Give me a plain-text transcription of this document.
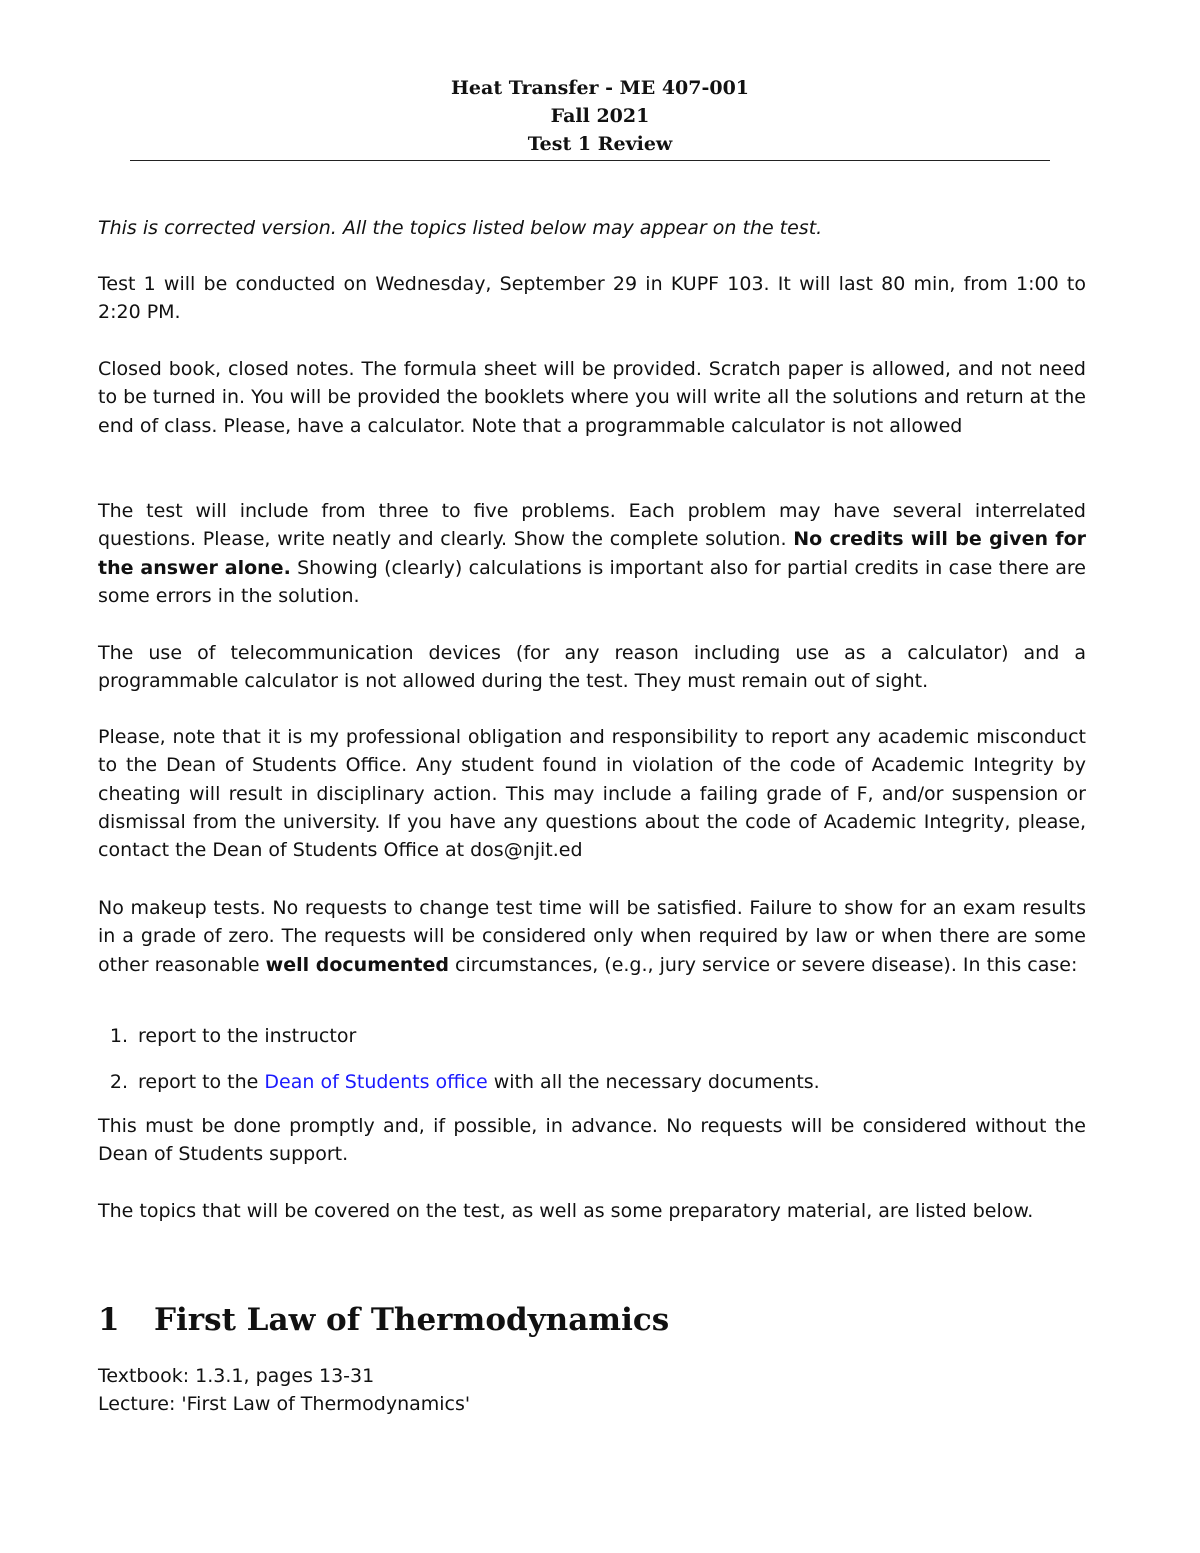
Heat Transfer - ME 407-001
Fall 2021
Test 1 Review

This is corrected version. All the topics listed below may appear on the test.

Test 1 will be conducted on Wednesday, September 29 in KUPF 103. It will last 80 min, from 1:00 to 2:20 PM.

Closed book, closed notes. The formula sheet will be provided. Scratch paper is allowed, and not need to be turned in. You will be provided the booklets where you will write all the solutions and return at the end of class. Please, have a calculator. Note that a programmable calculator is not allowed

The test will include from three to five problems. Each problem may have several interrelated questions. Please, write neatly and clearly. Show the complete solution. No credits will be given for the answer alone. Showing (clearly) calculations is important also for partial credits in case there are some errors in the solution.

The use of telecommunication devices (for any reason including use as a calculator) and a programmable calculator is not allowed during the test. They must remain out of sight.

Please, note that it is my professional obligation and responsibility to report any academic misconduct to the Dean of Students Office. Any student found in violation of the code of Academic Integrity by cheating will result in disciplinary action. This may include a failing grade of F, and/or suspension or dismissal from the university. If you have any questions about the code of Academic Integrity, please, contact the Dean of Students Office at dos@njit.ed

No makeup tests. No requests to change test time will be satisfied. Failure to show for an exam results in a grade of zero. The requests will be considered only when required by law or when there are some other reasonable well documented circumstances, (e.g., jury service or severe disease). In this case:

1. report to the instructor
2. report to the Dean of Students office with all the necessary documents.

This must be done promptly and, if possible, in advance. No requests will be considered without the Dean of Students support.

The topics that will be covered on the test, as well as some preparatory material, are listed below.

1 First Law of Thermodynamics

Textbook: 1.3.1, pages 13-31

Lecture: 'First Law of Thermodynamics'
